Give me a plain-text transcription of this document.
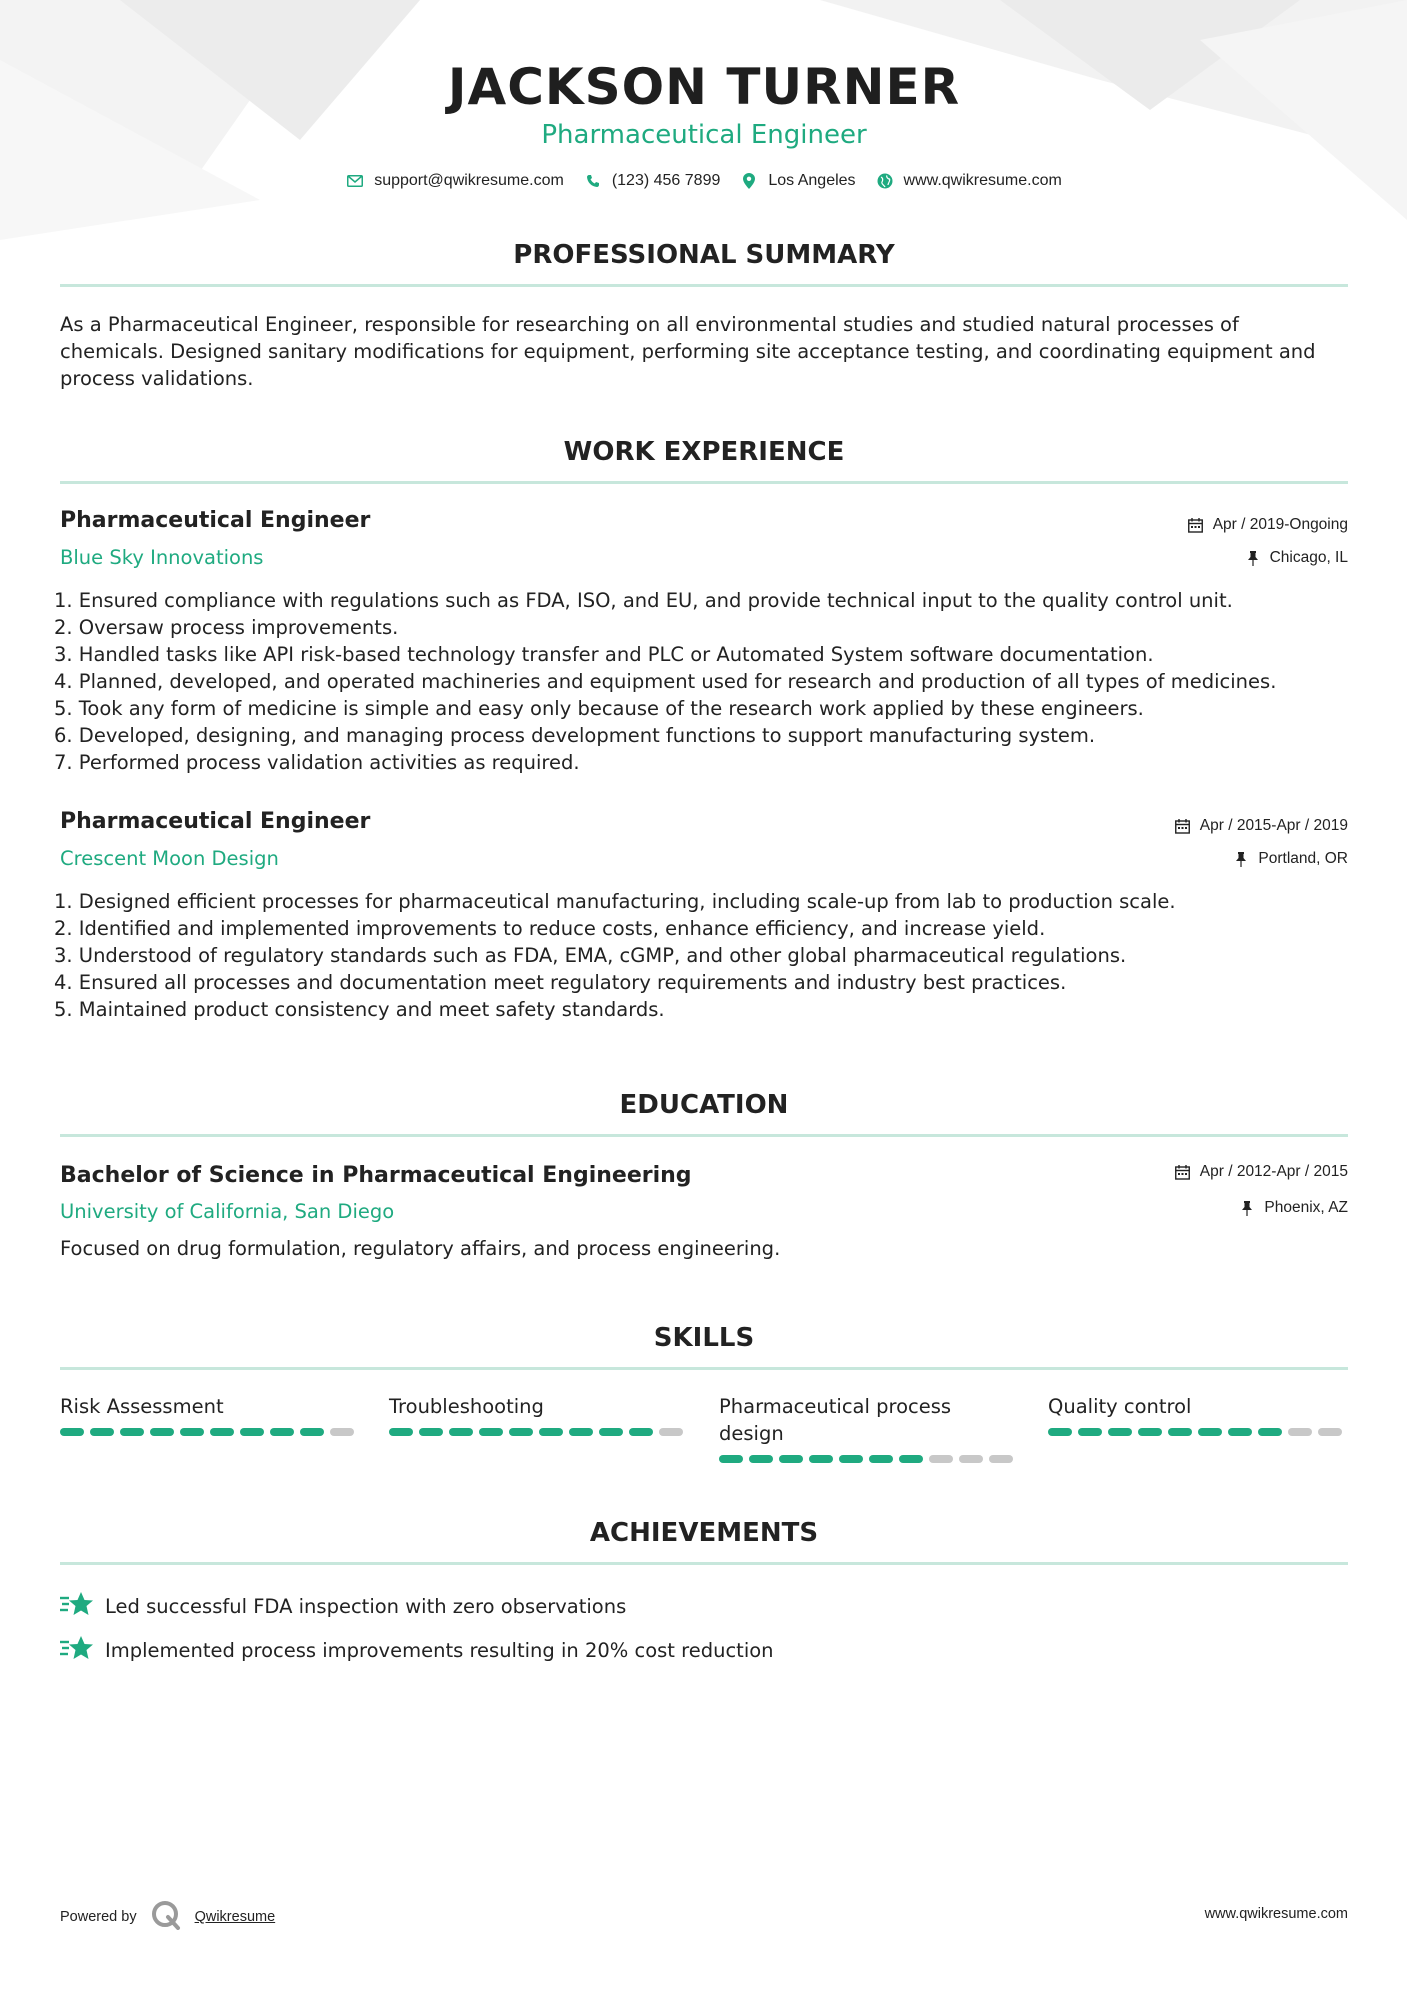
JACKSON TURNER
Pharmaceutical Engineer
support@qwikresume.com	(123) 456 7899	Los Angeles	www.qwikresume.com
PROFESSIONAL SUMMARY
As a Pharmaceutical Engineer, responsible for researching on all environmental studies and studied natural processes of chemicals. Designed sanitary modifications for equipment, performing site acceptance testing, and coordinating equipment and process validations.
WORK EXPERIENCE
Pharmaceutical Engineer	Apr / 2019-Ongoing
Blue Sky Innovations	Chicago, IL
1. Ensured compliance with regulations such as FDA, ISO, and EU, and provide technical input to the quality control unit.
2. Oversaw process improvements.
3. Handled tasks like API risk-based technology transfer and PLC or Automated System software documentation.
4. Planned, developed, and operated machineries and equipment used for research and production of all types of medicines.
5. Took any form of medicine is simple and easy only because of the research work applied by these engineers.
6. Developed, designing, and managing process development functions to support manufacturing system.
7. Performed process validation activities as required.
Pharmaceutical Engineer	Apr / 2015-Apr / 2019
Crescent Moon Design	Portland, OR
1. Designed efficient processes for pharmaceutical manufacturing, including scale-up from lab to production scale.
2. Identified and implemented improvements to reduce costs, enhance efficiency, and increase yield.
3. Understood of regulatory standards such as FDA, EMA, cGMP, and other global pharmaceutical regulations.
4. Ensured all processes and documentation meet regulatory requirements and industry best practices.
5. Maintained product consistency and meet safety standards.
EDUCATION
Bachelor of Science in Pharmaceutical Engineering	Apr / 2012-Apr / 2015
University of California, San Diego	Phoenix, AZ
Focused on drug formulation, regulatory affairs, and process engineering.
SKILLS
Risk Assessment	Troubleshooting	Pharmaceutical process design
Quality control
ACHIEVEMENTS
Led successful FDA inspection with zero observations
Implemented process improvements resulting in 20% cost reduction
Powered by	Qwikresume	www.qwikresume.com
